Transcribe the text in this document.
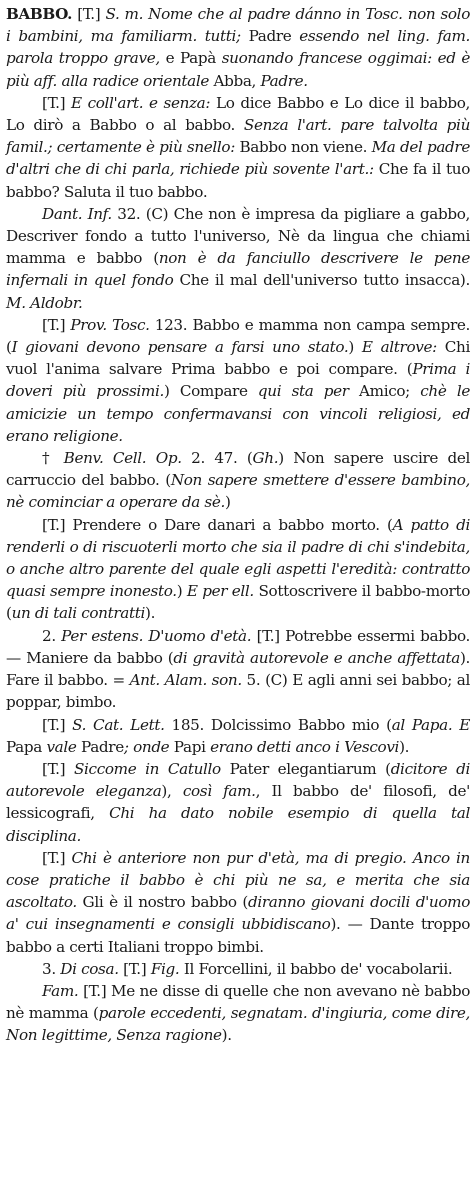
BABBO. [T.] S. m. Nome che al padre dánno in Tosc. non solo i bambini, ma familiarm. tutti; Padre essendo nel ling. fam. parola troppo grave, e Papà suonando francese oggimai: ed è più aff. alla radice orientale Abba, Padre.
[T.] E coll'art. e senza: Lo dice Babbo e Lo dice il babbo, Lo dirò a Babbo o al babbo. Senza l'art. pare talvolta più famil.; certamente è più snello: Babbo non viene. Ma del padre d'altri che di chi parla, richiede più sovente l'art.: Che fa il tuo babbo? Saluta il tuo babbo.
Dant. Inf. 32. (C) Che non è impresa da pigliare a gabbo, Descriver fondo a tutto l'universo, Nè da lingua che chiami mamma e babbo (non è da fanciullo descrivere le pene infernali in quel fondo Che il mal dell'universo tutto insacca). M. Aldobr.
[T.] Prov. Tosc. 123. Babbo e mamma non campa sempre. (I giovani devono pensare a farsi uno stato.) E altrove: Chi vuol l'anima salvare Prima babbo e poi compare. (Prima i doveri più prossimi.) Compare qui sta per Amico; chè le amicizie un tempo confermavansi con vincoli religiosi, ed erano religione.
† Benv. Cell. Op. 2. 47. (Gh.) Non sapere uscire del carruccio del babbo. (Non sapere smettere d'essere bambino, nè cominciar a operare da sè.)
[T.] Prendere o Dare danari a babbo morto. (A patto di renderli o di riscuoterli morto che sia il padre di chi s'indebita, o anche altro parente del quale egli aspetti l'eredità: contratto quasi sempre inonesto.) E per ell. Sottoscrivere il babbo-morto (un di tali contratti).
2. Per estens. D'uomo d'età. [T.] Potrebbe essermi babbo. — Maniere da babbo (di gravità autorevole e anche affettata). Fare il babbo. = Ant. Alam. son. 5. (C) E agli anni sei babbo; al poppar, bimbo.
[T.] S. Cat. Lett. 185. Dolcissimo Babbo mio (al Papa. E Papa vale Padre; onde Papi erano detti anco i Vescovi).
[T.] Siccome in Catullo Pater elegantiarum (dicitore di autorevole eleganza), così fam., Il babbo de' filosofi, de' lessicografi, Chi ha dato nobile esempio di quella tal disciplina.
[T.] Chi è anteriore non pur d'età, ma di pregio. Anco in cose pratiche il babbo è chi più ne sa, e merita che sia ascoltato. Gli è il nostro babbo (diranno giovani docili d'uomo a' cui insegnamenti e consigli ubbidiscano). — Dante troppo babbo a certi Italiani troppo bimbi.
3. Di cosa. [T.] Fig. Il Forcellini, il babbo de' vocabolarii.
Fam. [T.] Me ne disse di quelle che non avevano nè babbo nè mamma (parole eccedenti, segnatam. d'ingiuria, come dire, Non legittime, Senza ragione).
